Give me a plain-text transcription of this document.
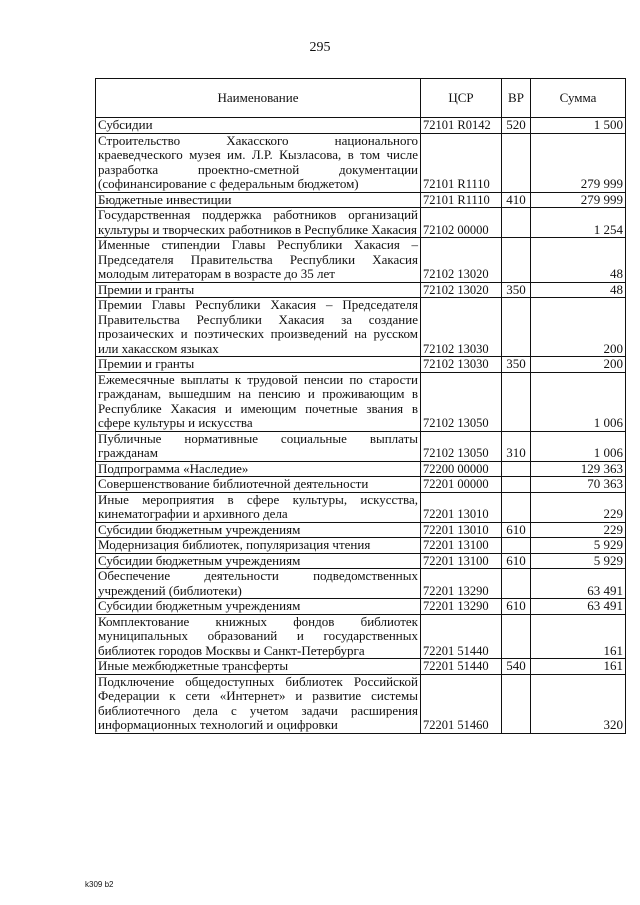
295
Наименование	ЦСР	ВР	Сумма
Субсидии	72101 R0142	520	1 500
Строительство Хакасского национального краеведческого музея им. Л.Р. Кызласова, в том числе разработка проектно-сметной документации (софинансирование с федеральным бюджетом)	72101 R1110		279 999
Бюджетные инвестиции	72101 R1110	410	279 999
Государственная поддержка работников организаций культуры и творческих работников в Республике Хакасия	72102 00000		1 254
Именные стипендии Главы Республики Хакасия – Председателя Правительства Республики Хакасия молодым литераторам в возрасте до 35 лет	72102 13020		48
Премии и гранты	72102 13020	350	48
Премии Главы Республики Хакасия – Председателя Правительства Республики Хакасия за создание прозаических и поэтических произведений на русском или хакасском языках	72102 13030		200
Премии и гранты	72102 13030	350	200
Ежемесячные выплаты к трудовой пенсии по старости гражданам, вышедшим на пенсию и проживающим в Республике Хакасия и имеющим почетные звания в сфере культуры и искусства	72102 13050		1 006
Публичные нормативные социальные выплаты гражданам	72102 13050	310	1 006
Подпрограмма «Наследие»	72200 00000		129 363
Совершенствование библиотечной деятельности	72201 00000		70 363
Иные мероприятия в сфере культуры, искусства, кинематографии и архивного дела	72201 13010		229
Субсидии бюджетным учреждениям	72201 13010	610	229
Модернизация библиотек, популяризация чтения	72201 13100		5 929
Субсидии бюджетным учреждениям	72201 13100	610	5 929
Обеспечение деятельности подведомственных учреждений (библиотеки)	72201 13290		63 491
Субсидии бюджетным учреждениям	72201 13290	610	63 491
Комплектование книжных фондов библиотек муниципальных образований и государственных библиотек городов Москвы и Санкт-Петербурга	72201 51440		161
Иные межбюджетные трансферты	72201 51440	540	161
Подключение общедоступных библиотек Российской Федерации к сети «Интернет» и развитие системы библиотечного дела с учетом задачи расширения информационных технологий и оцифровки	72201 51460		320
k309 b2
